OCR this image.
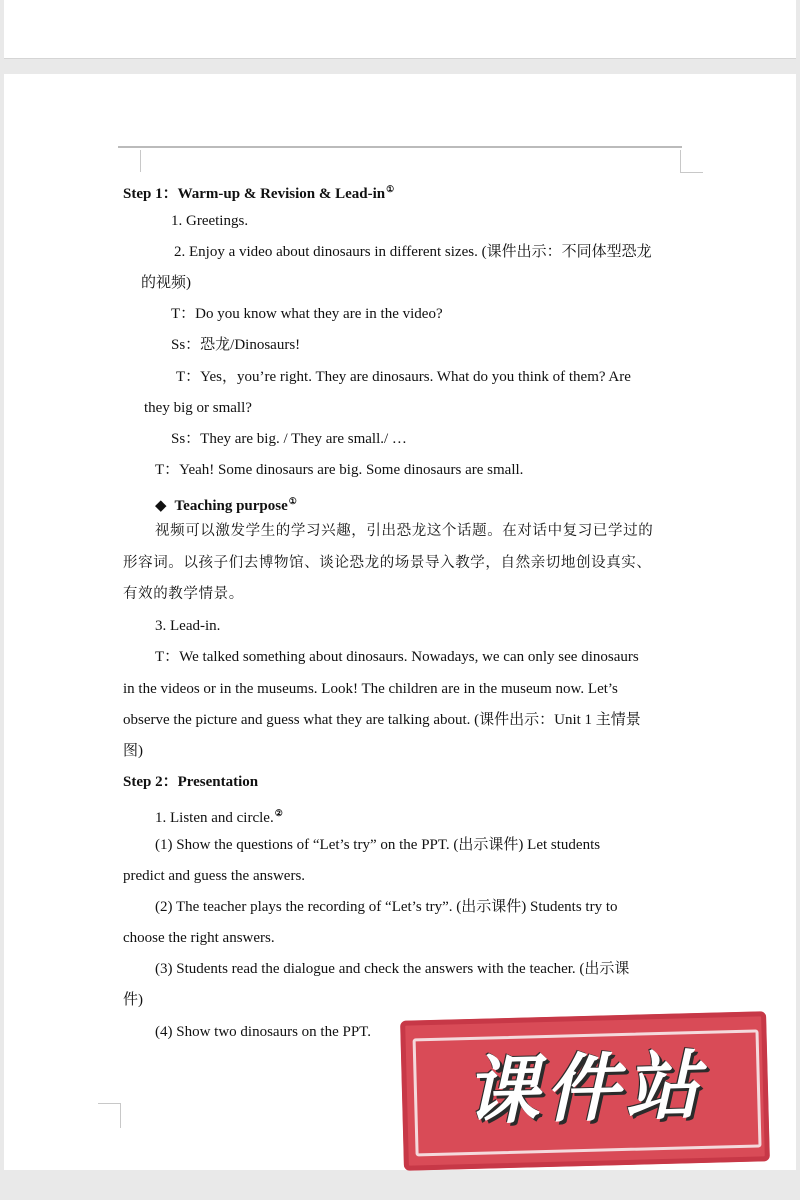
Step 1：Warm-up & Revision & Lead-in①
1. Greetings.
2. Enjoy a video about dinosaurs in different sizes. (课件出示：不同体型恐龙
的视频)
T：Do you know what they are in the video?
Ss：恐龙/Dinosaurs!
T：Yes，you’re right. They are dinosaurs. What do you think of them? Are
they big or small?
Ss：They are big. / They are small./ …
T：Yeah! Some dinosaurs are big. Some dinosaurs are small.
◆ Teaching purpose①
视频可以激发学生的学习兴趣，引出恐龙这个话题。在对话中复习已学过的
形容词。以孩子们去博物馆、谈论恐龙的场景导入教学，自然亲切地创设真实、
有效的教学情景。
3. Lead-in.
T：We talked something about dinosaurs. Nowadays, we can only see dinosaurs
in the videos or in the museums. Look! The children are in the museum now. Let’s
observe the picture and guess what they are talking about. (课件出示：Unit 1 主情景
图)
Step 2：Presentation
1. Listen and circle.②
(1) Show the questions of “Let’s try” on the PPT. (出示课件) Let students
predict and guess the answers.
(2) The teacher plays the recording of “Let’s try”. (出示课件) Students try to
choose the right answers.
(3) Students read the dialogue and check the answers with the teacher. (出示课
件)
(4) Show two dinosaurs on the PPT.
课件站
